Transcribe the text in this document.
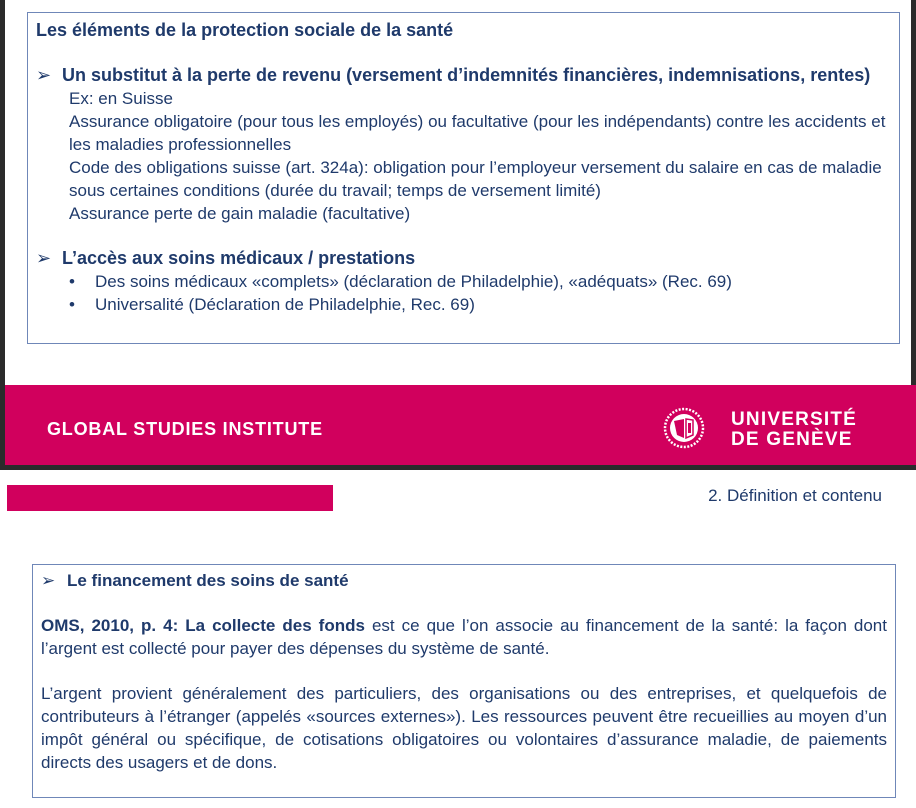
Les éléments de la protection sociale de la santé

➢ Un substitut à la perte de revenu (versement d’indemnités financières, indemnisations, rentes)
Ex: en Suisse
Assurance obligatoire (pour tous les employés) ou facultative (pour les indépendants) contre les accidents et les maladies professionnelles
Code des obligations suisse (art. 324a): obligation pour l’employeur versement du salaire en cas de maladie sous certaines conditions (durée du travail; temps de versement limité)
Assurance perte de gain maladie (facultative)
➢ L’accès aux soins médicaux / prestations
•	Des soins médicaux «complets» (déclaration de Philadelphie), «adéquats» (Rec. 69)
•	Universalité (Déclaration de Philadelphie, Rec. 69)
GLOBAL STUDIES INSTITUTE	UNIVERSITÉ
DE GENÈVE
2. Définition et contenu
➢ Le financement des soins de santé
OMS, 2010, p. 4: La collecte des fonds est ce que l’on associe au financement de la santé: la façon dont l’argent est collecté pour payer des dépenses du système de santé.
L’argent provient généralement des particuliers, des organisations ou des entreprises, et quelquefois de contributeurs à l’étranger (appelés «sources externes»). Les ressources peuvent être recueillies au moyen d’un impôt général ou spécifique, de cotisations obligatoires ou volontaires d’assurance maladie, de paiements directs des usagers et de dons.
